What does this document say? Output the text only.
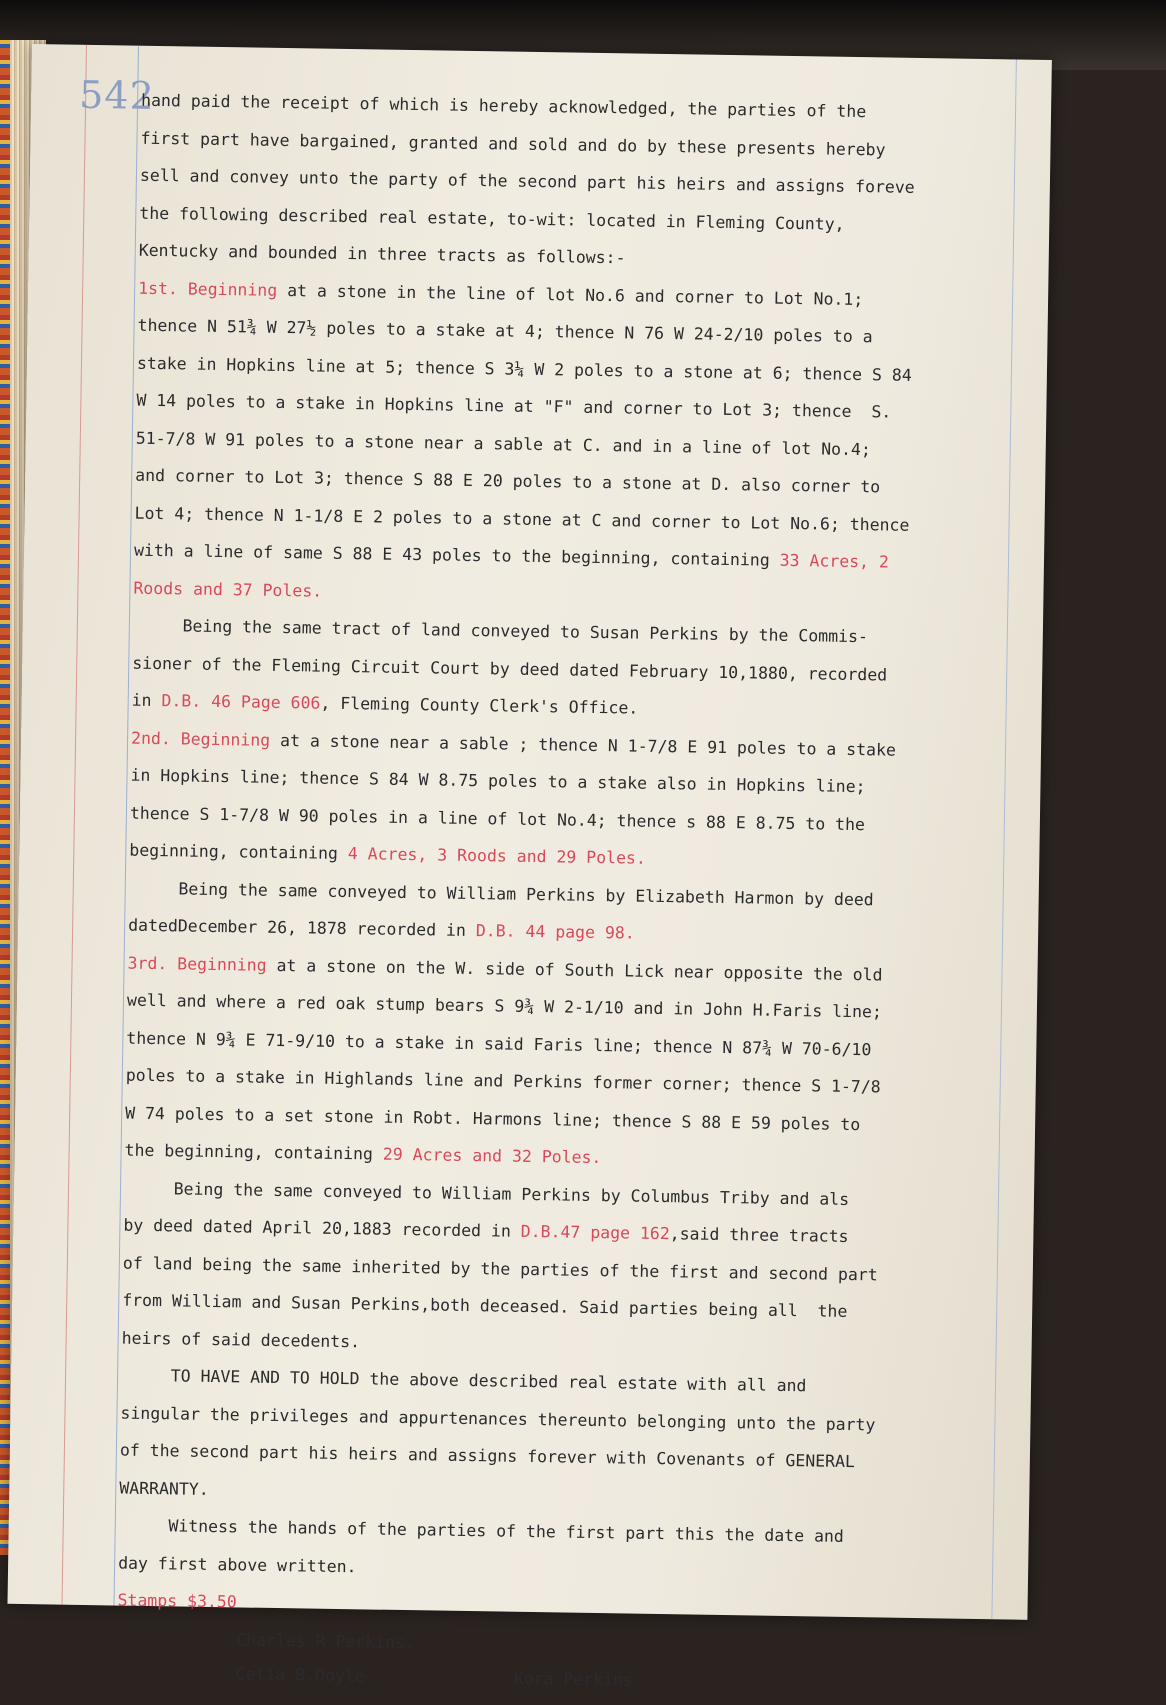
542
hand paid the receipt of which is hereby acknowledged, the parties of the
first part have bargained, granted and sold and do by these presents hereby
sell and convey unto the party of the second part his heirs and assigns foreve
the following described real estate, to-wit: located in Fleming County,
Kentucky and bounded in three tracts as follows:-
1st. Beginning at a stone in the line of lot No.6 and corner to Lot No.1;
thence N 51¾ W 27½ poles to a stake at 4; thence N 76 W 24-2/10 poles to a
stake in Hopkins line at 5; thence S 3¼ W 2 poles to a stone at 6; thence S 84
W 14 poles to a stake in Hopkins line at "F" and corner to Lot 3; thence  S.
51-7/8 W 91 poles to a stone near a sable at C. and in a line of lot No.4;
and corner to Lot 3; thence S 88 E 20 poles to a stone at D. also corner to
Lot 4; thence N 1-1/8 E 2 poles to a stone at C and corner to Lot No.6; thence
with a line of same S 88 E 43 poles to the beginning, containing 33 Acres, 2
Roods and 37 Poles.
Being the same tract of land conveyed to Susan Perkins by the Commis-
sioner of the Fleming Circuit Court by deed dated February 10,1880, recorded
in D.B. 46 Page 606, Fleming County Clerk's Office.
2nd. Beginning at a stone near a sable ; thence N 1-7/8 E 91 poles to a stake
in Hopkins line; thence S 84 W 8.75 poles to a stake also in Hopkins line;
thence S 1-7/8 W 90 poles in a line of lot No.4; thence s 88 E 8.75 to the
beginning, containing 4 Acres, 3 Roods and 29 Poles.
Being the same conveyed to William Perkins by Elizabeth Harmon by deed
datedDecember 26, 1878 recorded in D.B. 44 page 98.
3rd. Beginning at a stone on the W. side of South Lick near opposite the old
well and where a red oak stump bears S 9¾ W 2-1/10 and in John H.Faris line;
thence N 9¾ E 71-9/10 to a stake in said Faris line; thence N 87¾ W 70-6/10
poles to a stake in Highlands line and Perkins former corner; thence S 1-7/8
W 74 poles to a set stone in Robt. Harmons line; thence S 88 E 59 poles to
the beginning, containing 29 Acres and 32 Poles.
Being the same conveyed to William Perkins by Columbus Triby and als
by deed dated April 20,1883 recorded in D.B.47 page 162,said three tracts
of land being the same inherited by the parties of the first and second part
from William and Susan Perkins,both deceased. Said parties being all  the
heirs of said decedents.
TO HAVE AND TO HOLD the above described real estate with all and
singular the privileges and appurtenances thereunto belonging unto the party
of the second part his heirs and assigns forever with Covenants of GENERAL
WARRANTY.
Witness the hands of the parties of the first part this the date and
day first above written.
Stamps $3.50
Charles R.Perkins.
Celia B.Doyle.              Kora Perkins
